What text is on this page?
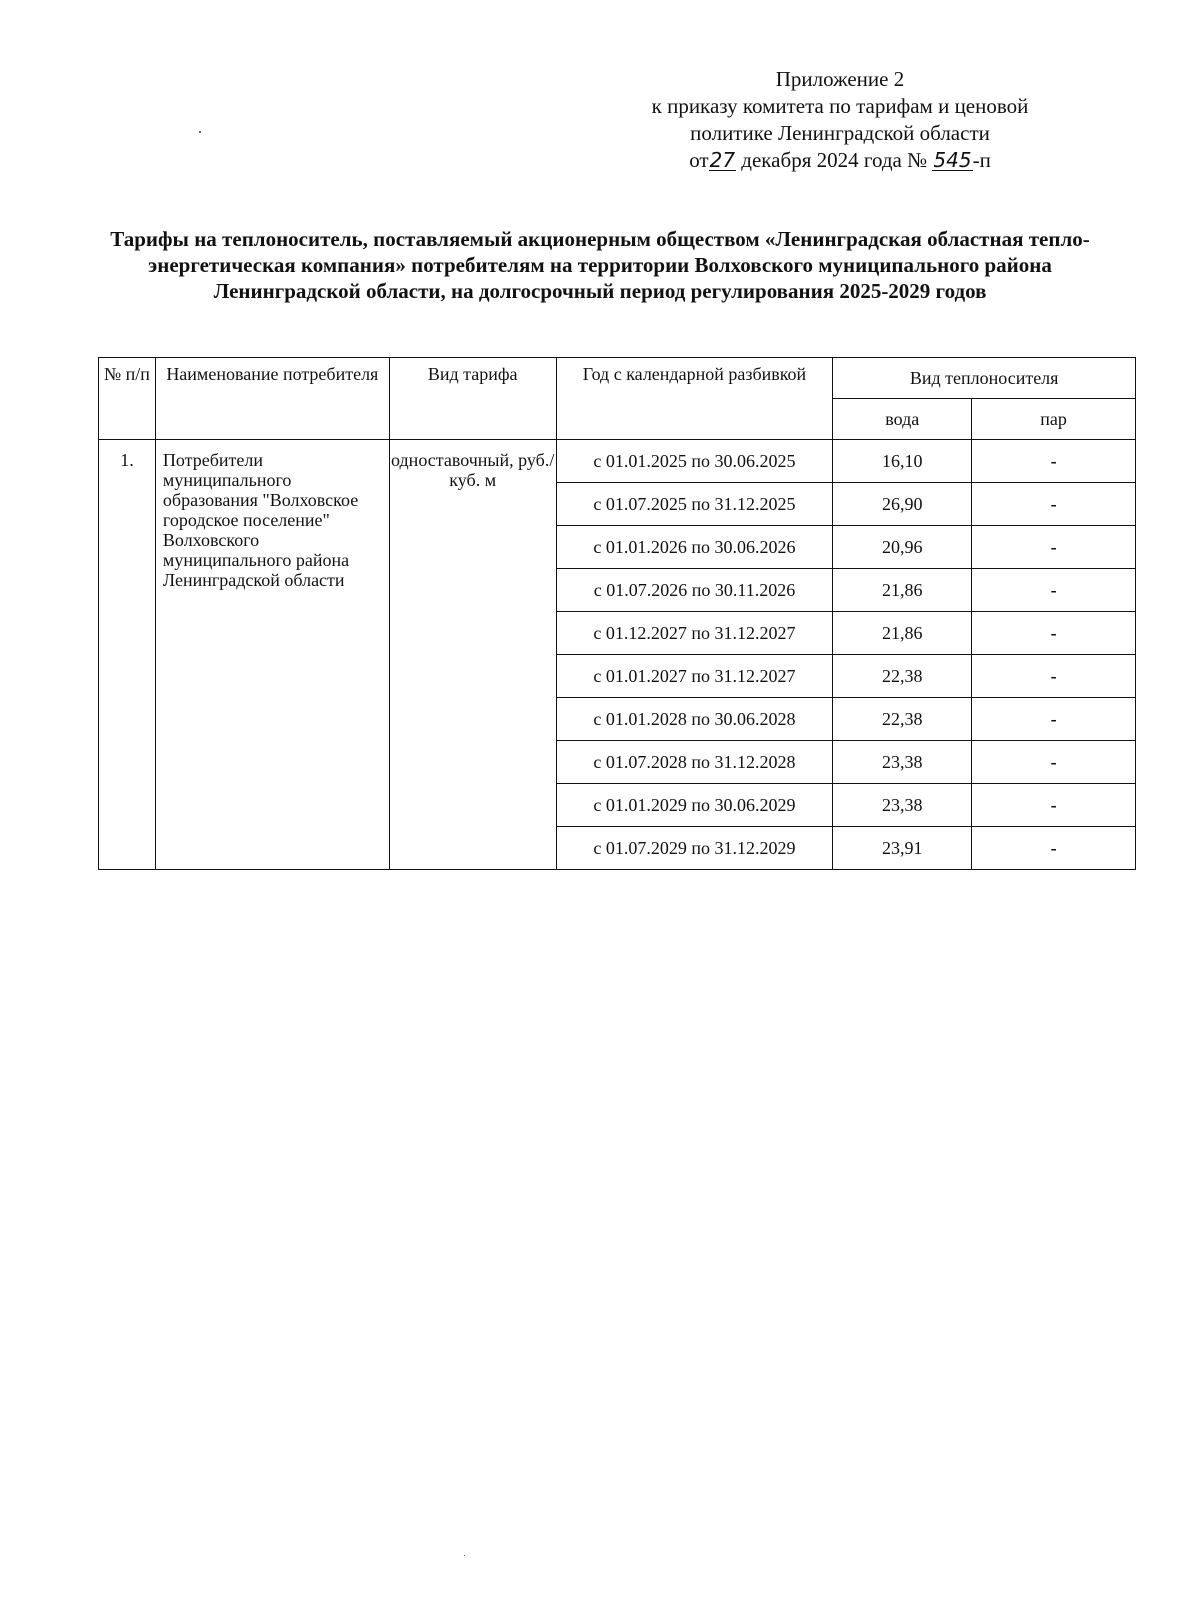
Приложение 2
к приказу комитета по тарифам и ценовой
политике Ленинградской области
от27 декабря 2024 года № 545-п
Тарифы на теплоноситель, поставляемый акционерным обществом «Ленинградская областная тепло-энергетическая компания» потребителям на территории Волховского муниципального района Ленинградской области, на долгосрочный период регулирования 2025-2029 годов
№ п/п	Наименование потребителя	Вид тарифа	Год с календарной разбивкой	Вид теплоносителя	
				вода	пар
1.	Потребители муниципального образования "Волховское городское поселение" Волховского муниципального района Ленинградской области	одноставочный, руб./куб. м	с 01.01.2025 по 30.06.2025	16,10	-
			с 01.07.2025 по 31.12.2025	26,90	-
			с 01.01.2026 по 30.06.2026	20,96	-
			с 01.07.2026 по 30.11.2026	21,86	-
			с 01.12.2027 по 31.12.2027	21,86	-
			с 01.01.2027 по 31.12.2027	22,38	-
			с 01.01.2028 по 30.06.2028	22,38	-
			с 01.07.2028 по 31.12.2028	23,38	-
			с 01.01.2029 по 30.06.2029	23,38	-
			с 01.07.2029 по 31.12.2029	23,91	-
